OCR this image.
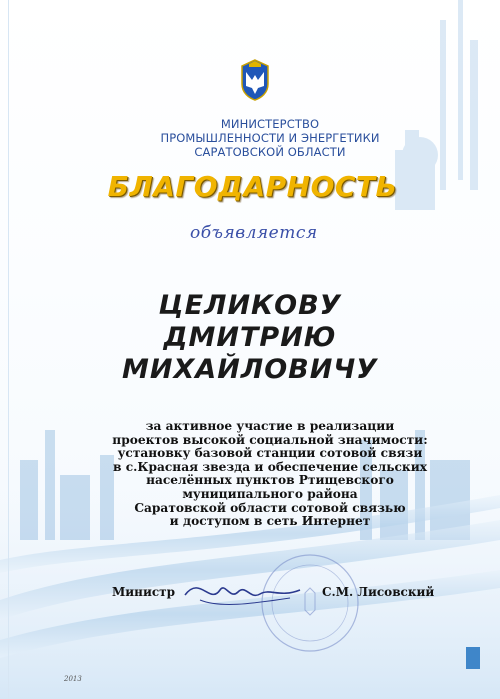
МИНИСТЕРСТВО
ПРОМЫШЛЕННОСТИ И ЭНЕРГЕТИКИ
САРАТОВСКОЙ ОБЛАСТИ
БЛАГОДАРНОСТЬ
объявляется
ЦЕЛИКОВУ
ДМИТРИЮ
МИХАЙЛОВИЧУ
за активное участие в реализации
проектов высокой социальной значимости:
установку базовой станции сотовой связи
в с.Красная звезда и обеспечение сельских
населённых пунктов Ртищевского
муниципального района
Саратовской области сотовой связью
и доступом в сеть Интернет
Министр	С.М. Лисовский
2013
